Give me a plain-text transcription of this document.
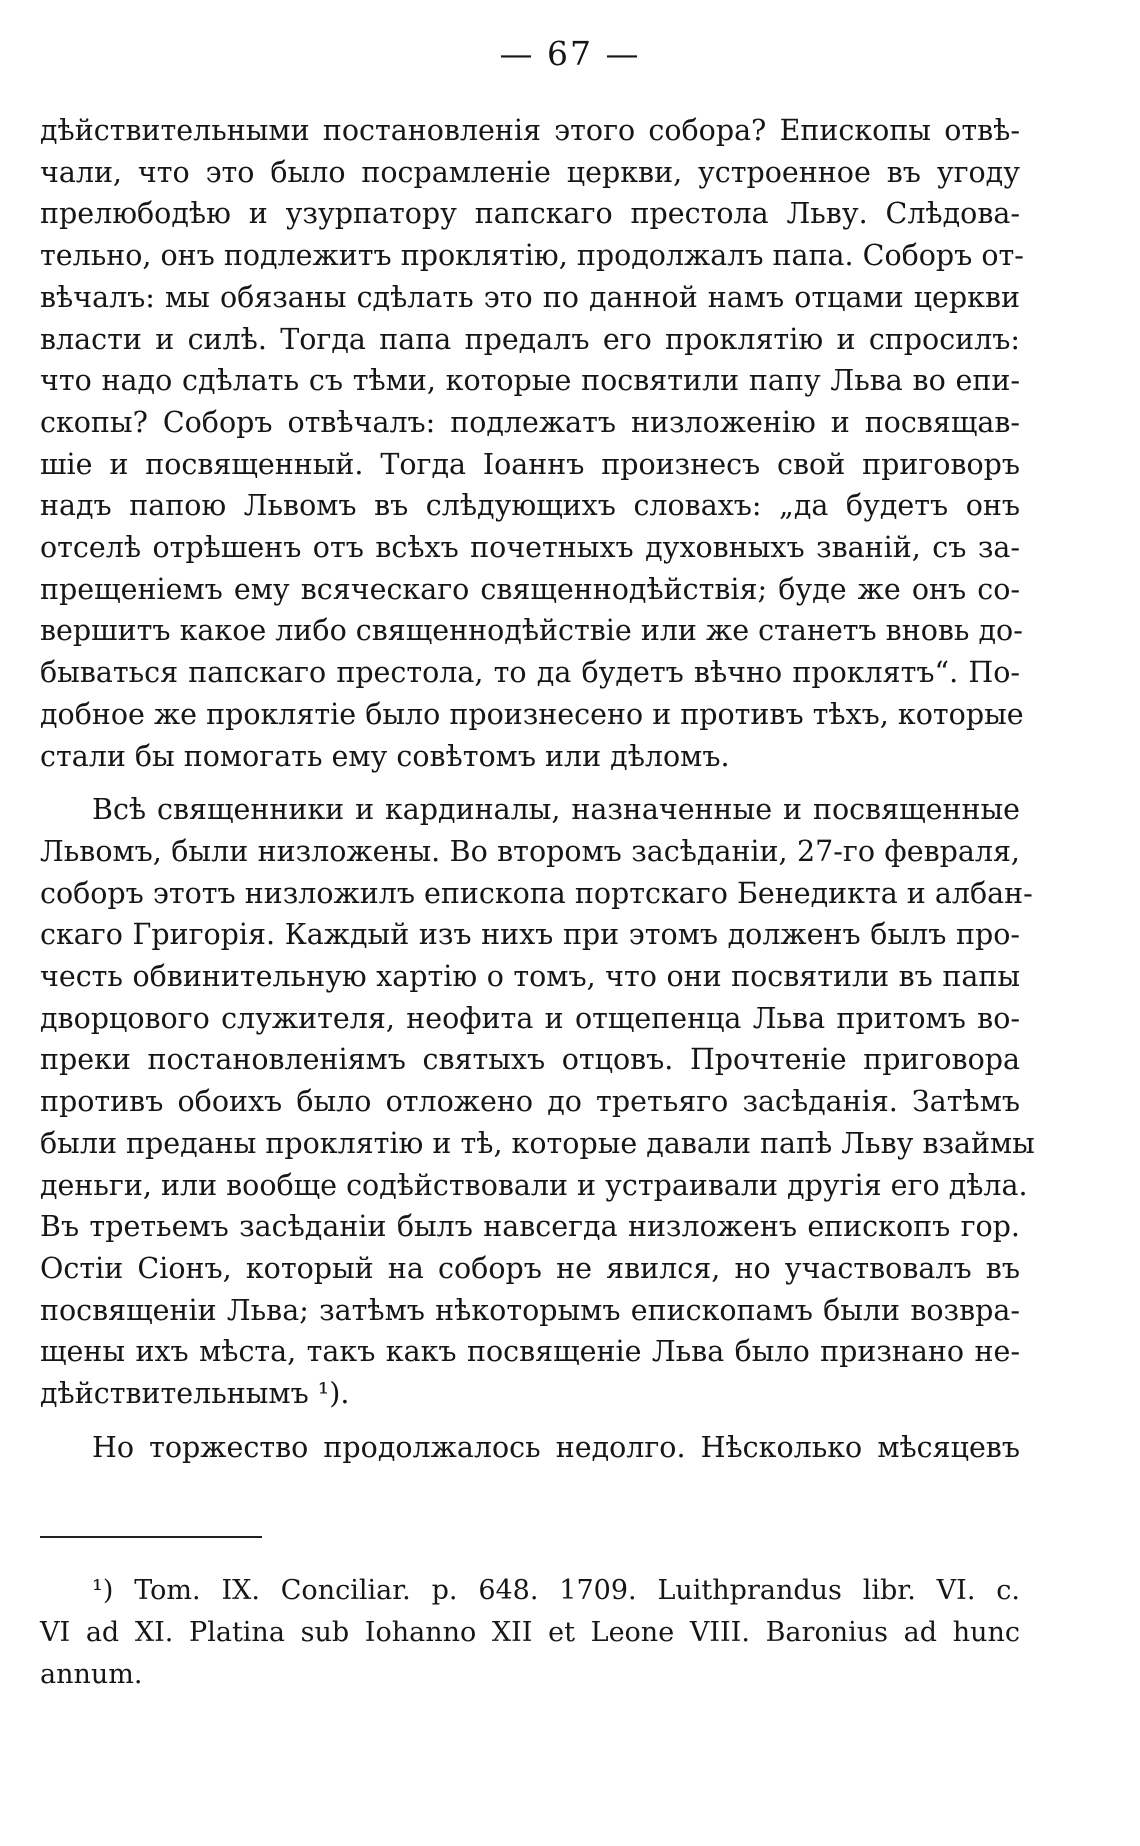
— 67 —
дѣйствительными постановленія этого собора? Епископы отвѣ-
чали, что это было посрамленіе церкви, устроенное въ угоду
прелюбодѣю и узурпатору папскаго престола Льву. Слѣдова-
тельно, онъ подлежитъ проклятію, продолжалъ папа. Соборъ от-
вѣчалъ: мы обязаны сдѣлать это по данной намъ отцами церкви
власти и силѣ. Тогда папа предалъ его проклятію и спросилъ:
что надо сдѣлать съ тѣми, которые посвятили папу Льва во епи-
скопы? Соборъ отвѣчалъ: подлежатъ низложенію и посвящав-
шіе и посвященный. Тогда Іоаннъ произнесъ свой приговоръ
надъ папою Львомъ въ слѣдующихъ словахъ: „да будетъ онъ
отселѣ отрѣшенъ отъ всѣхъ почетныхъ духовныхъ званій, съ за-
прещеніемъ ему всяческаго священнодѣйствія; буде же онъ со-
вершитъ какое либо священнодѣйствіе или же станетъ вновь до-
бываться папскаго престола, то да будетъ вѣчно проклятъ“. По-
добное же проклятіе было произнесено и противъ тѣхъ, которые
стали бы помогать ему совѣтомъ или дѣломъ.
Всѣ священники и кардиналы, назначенные и посвященные
Львомъ, были низложены. Во второмъ засѣданіи, 27-го февраля,
соборъ этотъ низложилъ епископа портскаго Бенедикта и албан-
скаго Григорія. Каждый изъ нихъ при этомъ долженъ былъ про-
честь обвинительную хартію о томъ, что они посвятили въ папы
дворцового служителя, неофита и отщепенца Льва притомъ во-
преки постановленіямъ святыхъ отцовъ. Прочтеніе приговора
противъ обоихъ было отложено до третьяго засѣданія. Затѣмъ
были преданы проклятію и тѣ, которые давали папѣ Льву взаймы
деньги, или вообще содѣйствовали и устраивали другія его дѣла.
Въ третьемъ засѣданіи былъ навсегда низложенъ епископъ гор.
Остіи Сіонъ, который на соборъ не явился, но участвовалъ въ
посвященіи Льва; затѣмъ нѣкоторымъ епископамъ были возвра-
щены ихъ мѣста, такъ какъ посвященіе Льва было признано не-
дѣйствительнымъ ¹).
Но торжество продолжалось недолго. Нѣсколько мѣсяцевъ
¹) Tom. IX. Conciliar. p. 648. 1709. Luithprandus libr. VI. c.
VI ad XI. Platina sub Iohanno XII et Leone VIII. Baronius ad hunc
annum.
